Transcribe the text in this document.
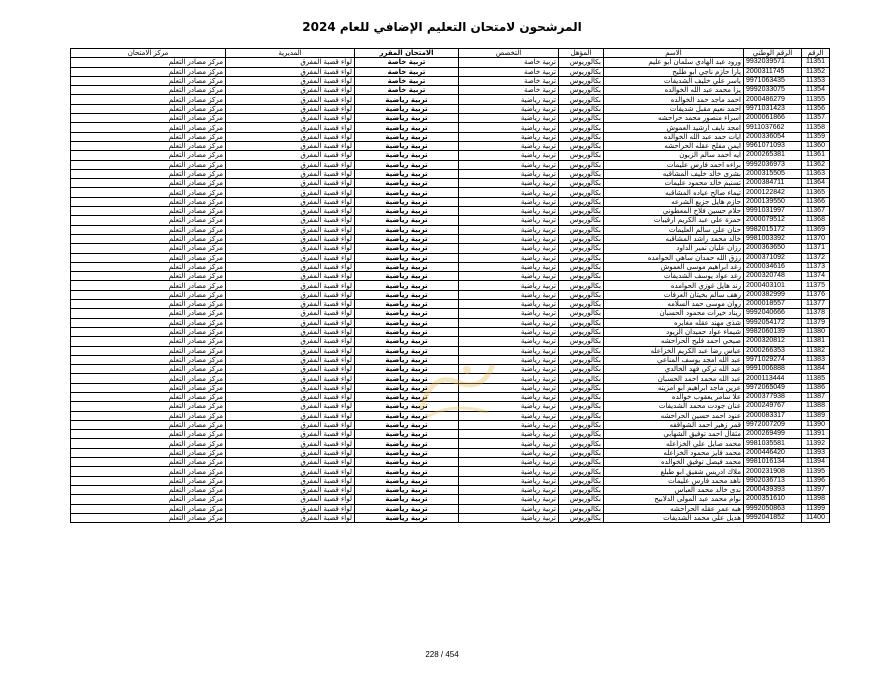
المرشحون لامتحان التعليم الإضافي للعام 2024
الرقم	الرقم الوطني	الاسم	المؤهل	التخصص	الامتحان المقرر	المديرية	مركز الامتحان
11351	9932039571	ورود عبد الهادي سلمان ابو عليم	بكالوريوس	تربية خاصة	تربية خاصة	لواء قصبة المفرق	مركز مصادر التعلم
11352	2000311745	يارا حازم ناجي ابو طليح	بكالوريوس	تربية خاصة	تربية خاصة	لواء قصبة المفرق	مركز مصادر التعلم
11353	9971063435	ياسر علي خليف الشديفات	بكالوريوس	تربية خاصة	تربية خاصة	لواء قصبة المفرق	مركز مصادر التعلم
11354	9992033075	يزا محمد عبد الله الخوالده	بكالوريوس	تربية خاصة	تربية خاصة	لواء قصبة المفرق	مركز مصادر التعلم
11355	2000486279	احمد ماجد حمد الخوالده	بكالوريوس	تربية رياضية	تربية رياضية	لواء قصبة المفرق	مركز مصادر التعلم
11356	9971031423	احمد نعيم مقبل شديفات	بكالوريوس	تربية رياضية	تربية رياضية	لواء قصبة المفرق	مركز مصادر التعلم
11357	2000061866	اسراء منصور محمد حراحشه	بكالوريوس	تربية رياضية	تربية رياضية	لواء قصبة المفرق	مركز مصادر التعلم
11358	9911037662	امجد نايف ارشيد العموش	بكالوريوس	تربية رياضية	تربية رياضية	لواء قصبة المفرق	مركز مصادر التعلم
11359	2000336054	ايات حمد عبد الله الخوالده	بكالوريوس	تربية رياضية	تربية رياضية	لواء قصبة المفرق	مركز مصادر التعلم
11360	9961071093	ايمن مفلح عقله الحراحشه	بكالوريوس	تربية رياضية	تربية رياضية	لواء قصبة المفرق	مركز مصادر التعلم
11361	2000265381	ايه احمد سالم الزيون	بكالوريوس	تربية رياضية	تربية رياضية	لواء قصبة المفرق	مركز مصادر التعلم
11362	9992036973	براءه احمد فارس عليمات	بكالوريوس	تربية رياضية	تربية رياضية	لواء قصبة المفرق	مركز مصادر التعلم
11363	2000315505	بشرى خالد خليف المشاقبه	بكالوريوس	تربية رياضية	تربية رياضية	لواء قصبة المفرق	مركز مصادر التعلم
11364	2000384711	تسنيم خالد محمود عليمات	بكالوريوس	تربية رياضية	تربية رياضية	لواء قصبة المفرق	مركز مصادر التعلم
11365	2000122842	تيماء صالح عياده المشاقبه	بكالوريوس	تربية رياضية	تربية رياضية	لواء قصبة المفرق	مركز مصادر التعلم
11366	2000139550	حازم هايل جزيع الشرعه	بكالوريوس	تربية رياضية	تربية رياضية	لواء قصبة المفرق	مركز مصادر التعلم
11367	9991031997	حلام حسين فلاح المعطوني	بكالوريوس	تربية رياضية	تربية رياضية	لواء قصبة المفرق	مركز مصادر التعلم
11368	2000079512	حمزة علي عبد الكريم ارقيبات	بكالوريوس	تربية رياضية	تربية رياضية	لواء قصبة المفرق	مركز مصادر التعلم
11369	9982015172	حنان علي سالم العليمات	بكالوريوس	تربية رياضية	تربية رياضية	لواء قصبة المفرق	مركز مصادر التعلم
11370	9981003392	خالد محمد راشد المشاقبه	بكالوريوس	تربية رياضية	تربية رياضية	لواء قصبة المفرق	مركز مصادر التعلم
11371	2000363650	رزان عليان نمير الداود	بكالوريوس	تربية رياضية	تربية رياضية	لواء قصبة المفرق	مركز مصادر التعلم
11372	2000371092	رزق الله حمدان ساهي الحوامده	بكالوريوس	تربية رياضية	تربية رياضية	لواء قصبة المفرق	مركز مصادر التعلم
11373	2000034616	رغد ابراهيم موسى العموش	بكالوريوس	تربية رياضية	تربية رياضية	لواء قصبة المفرق	مركز مصادر التعلم
11374	2000320748	رغد عواد يوسف الشديفات	بكالوريوس	تربية رياضية	تربية رياضية	لواء قصبة المفرق	مركز مصادر التعلم
11375	2000403101	رند هايل غوزي الحوامده	بكالوريوس	تربية رياضية	تربية رياضية	لواء قصبة المفرق	مركز مصادر التعلم
11376	2000382999	رهف سالم بخيتان العرفات	بكالوريوس	تربية رياضية	تربية رياضية	لواء قصبة المفرق	مركز مصادر التعلم
11377	2000018557	روان موسى حمد السلامه	بكالوريوس	تربية رياضية	تربية رياضية	لواء قصبة المفرق	مركز مصادر التعلم
11378	9992040666	ريناد خيرات محمود الحسبان	بكالوريوس	تربية رياضية	تربية رياضية	لواء قصبة المفرق	مركز مصادر التعلم
11379	9992054172	شذى مهند عقله مغايره	بكالوريوس	تربية رياضية	تربية رياضية	لواء قصبة المفرق	مركز مصادر التعلم
11380	9982060139	شيماء عواد حميدان الزيود	بكالوريوس	تربية رياضية	تربية رياضية	لواء قصبة المفرق	مركز مصادر التعلم
11381	2000320812	صبحي احمد فليح الحراحشه	بكالوريوس	تربية رياضية	تربية رياضية	لواء قصبة المفرق	مركز مصادر التعلم
11382	2000266353	عباس رضا عبد الكريم الخزاعله	بكالوريوس	تربية رياضية	تربية رياضية	لواء قصبة المفرق	مركز مصادر التعلم
11383	9971029274	عبد الله امجد يوسف المناعي	بكالوريوس	تربية رياضية	تربية رياضية	لواء قصبة المفرق	مركز مصادر التعلم
11384	9991006888	عبد الله تركي فهد الخالدي	بكالوريوس	تربية رياضية	تربية رياضية	لواء قصبة المفرق	مركز مصادر التعلم
11385	2000113444	عبد الله محمد احمد الحسبان	بكالوريوس	تربية رياضية	تربية رياضية	لواء قصبة المفرق	مركز مصادر التعلم
11386	9972065049	عرين ماجد ابراهيم ابو امزيته	بكالوريوس	تربية رياضية	تربية رياضية	لواء قصبة المفرق	مركز مصادر التعلم
11387	2000377938	علا سامر يعقوب خوالده	بكالوريوس	تربية رياضية	تربية رياضية	لواء قصبة المفرق	مركز مصادر التعلم
11388	2000249767	عنان جودت محمد الشديفات	بكالوريوس	تربية رياضية	تربية رياضية	لواء قصبة المفرق	مركز مصادر التعلم
11389	2000083317	عنود احمد حسين الحراحشه	بكالوريوس	تربية رياضية	تربية رياضية	لواء قصبة المفرق	مركز مصادر التعلم
11390	9972007209	قمر زهير احمد الشواقفه	بكالوريوس	تربية رياضية	تربية رياضية	لواء قصبة المفرق	مركز مصادر التعلم
11391	2000269499	مثقال احمد توفيق الشهابي	بكالوريوس	تربية رياضية	تربية رياضية	لواء قصبة المفرق	مركز مصادر التعلم
11392	9981035581	محمد صايل علي الخزاعله	بكالوريوس	تربية رياضية	تربية رياضية	لواء قصبة المفرق	مركز مصادر التعلم
11393	2000446420	محمد فايز محمود الخزاعله	بكالوريوس	تربية رياضية	تربية رياضية	لواء قصبة المفرق	مركز مصادر التعلم
11394	9981016134	محمد فيصل توفيق الخوالده	بكالوريوس	تربية رياضية	تربية رياضية	لواء قصبة المفرق	مركز مصادر التعلم
11395	2000231908	ملاك ادريس شفيق ابو طبلع	بكالوريوس	تربية رياضية	تربية رياضية	لواء قصبة المفرق	مركز مصادر التعلم
11396	9902036713	ناهد محمد فارس عليمات	بكالوريوس	تربية رياضية	تربية رياضية	لواء قصبة المفرق	مركز مصادر التعلم
11397	2000439393	ندى خالد محمد العباس	بكالوريوس	تربية رياضية	تربية رياضية	لواء قصبة المفرق	مركز مصادر التعلم
11398	2000351610	نوام محمد عبد المولى الدلابيح	بكالوريوس	تربية رياضية	تربية رياضية	لواء قصبة المفرق	مركز مصادر التعلم
11399	9992050863	هبه عمر عقله الحراحشه	بكالوريوس	تربية رياضية	تربية رياضية	لواء قصبة المفرق	مركز مصادر التعلم
11400	9992041852	هديل علي محمد الشديفات	بكالوريوس	تربية رياضية	تربية رياضية	لواء قصبة المفرق	مركز مصادر التعلم
228 / 454
